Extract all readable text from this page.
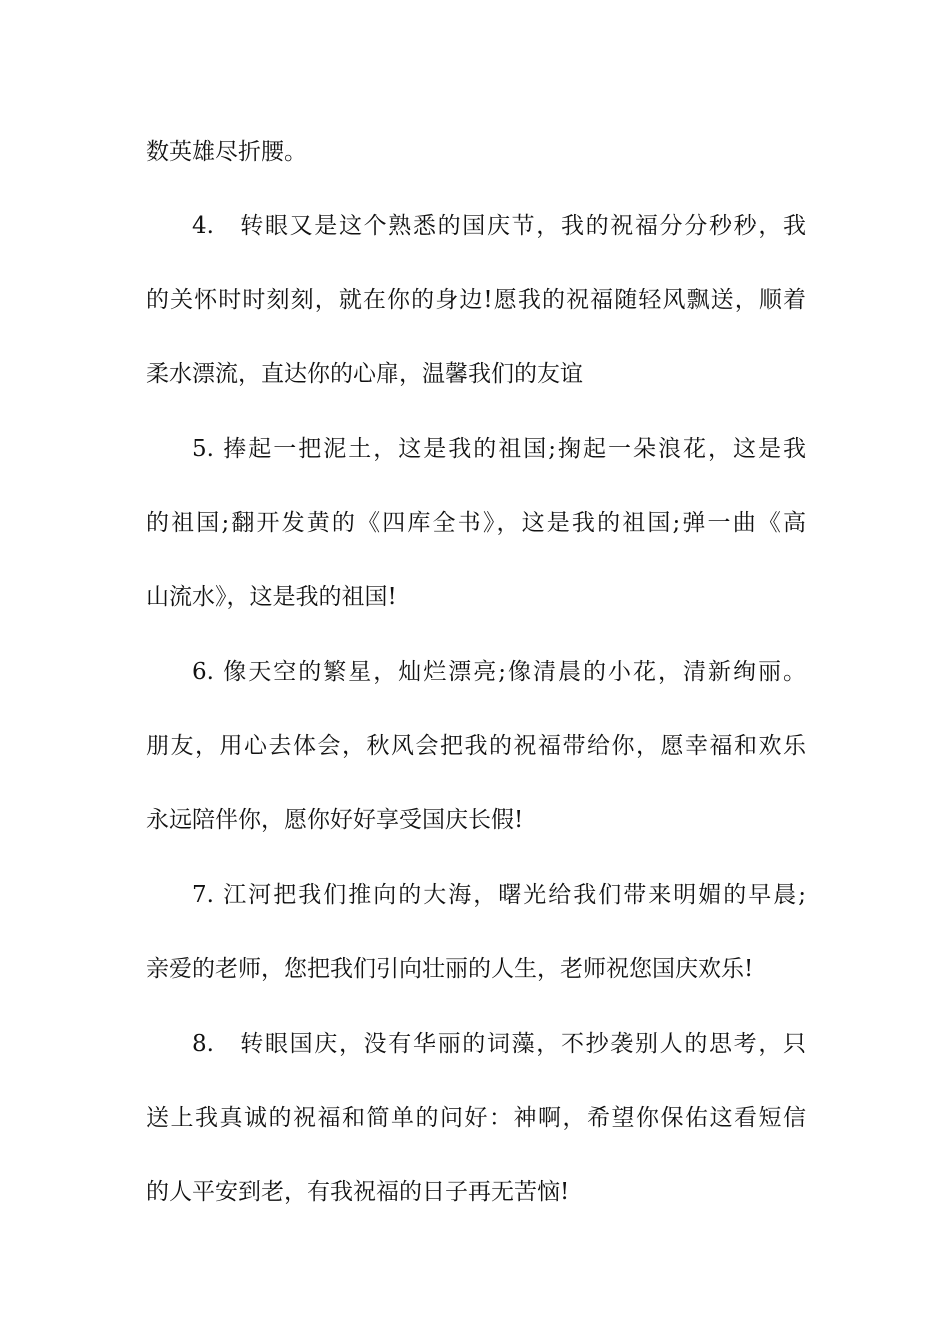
数英雄尽折腰。
4.　转眼又是这个熟悉的国庆节，我的祝福分分秒秒，我
的关怀时时刻刻，就在你的身边!愿我的祝福随轻风飘送，顺着
柔水漂流，直达你的心扉，温馨我们的友谊
5. 捧起一把泥土，这是我的祖国;掬起一朵浪花，这是我
的祖国;翻开发黄的《四库全书》，这是我的祖国;弹一曲《高
山流水》，这是我的祖国!
6. 像天空的繁星，灿烂漂亮;像清晨的小花，清新绚丽。
朋友，用心去体会，秋风会把我的祝福带给你，愿幸福和欢乐
永远陪伴你，愿你好好享受国庆长假!
7. 江河把我们推向的大海，曙光给我们带来明媚的早晨;
亲爱的老师，您把我们引向壮丽的人生，老师祝您国庆欢乐!
8.　转眼国庆，没有华丽的词藻，不抄袭别人的思考，只
送上我真诚的祝福和简单的问好：神啊，希望你保佑这看短信
的人平安到老，有我祝福的日子再无苦恼!
